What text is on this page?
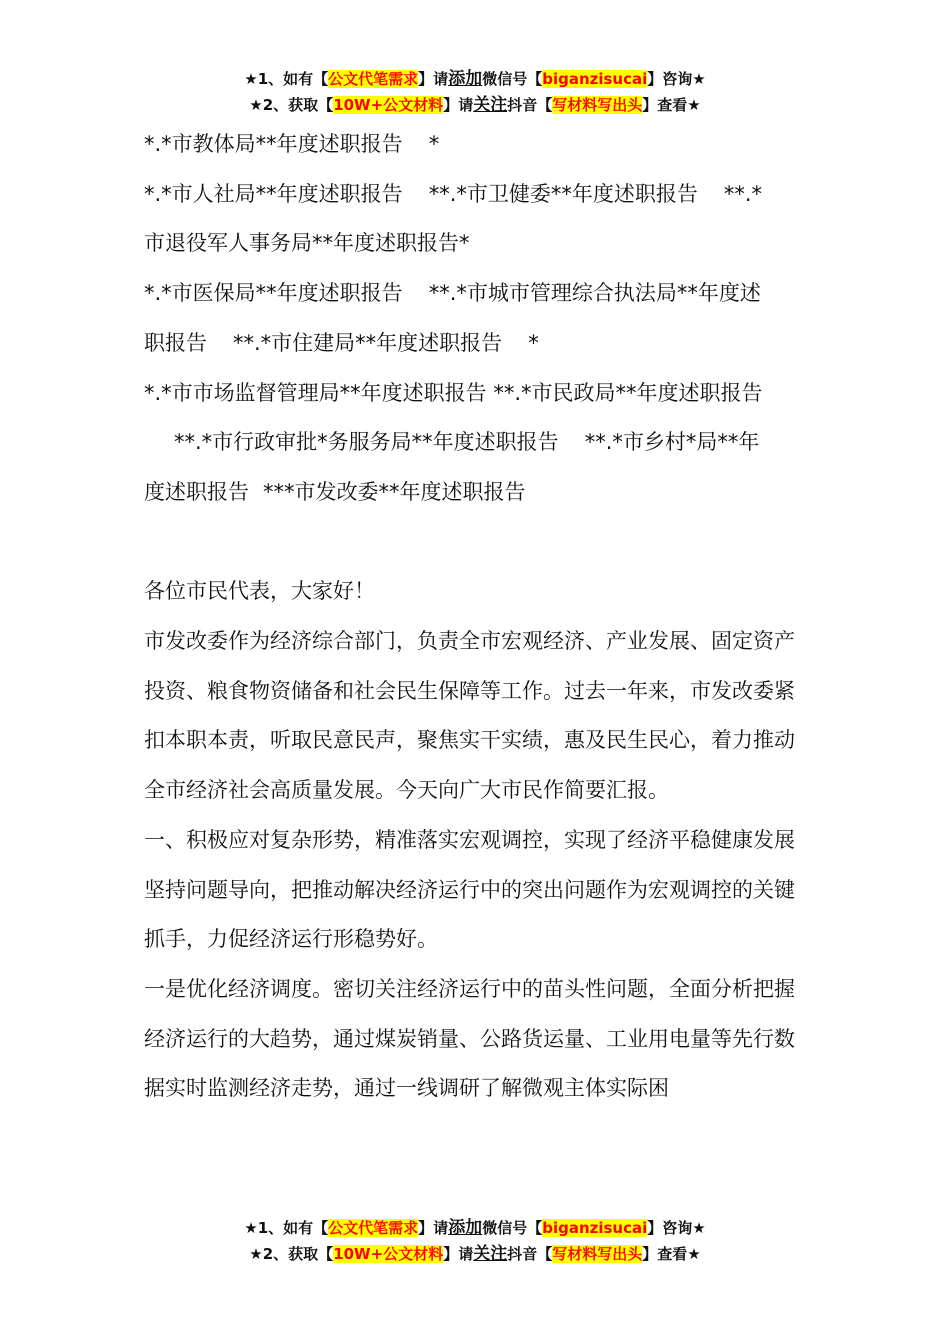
★1、如有【公文代笔需求】请添加微信号【biganzisucai】咨询★
★2、获取【10W+公文材料】请关注抖音【写材料写出头】查看★

*.*市教体局**年度述职报告 *

*.*市人社局**年度述职报告 **.*市卫健委**年度述职报告 **.*

市退役军人事务局**年度述职报告*

*.*市医保局**年度述职报告 **.*市城市管理综合执法局**年度述

职报告 **.*市住建局**年度述职报告 *

*.*市市场监督管理局**年度述职报告 **.*市民政局**年度述职报告

**.*市行政审批*务服务局**年度述职报告 **.*市乡村*局**年

度述职报告 ***市发改委**年度述职报告

各位市民代表，大家好！

市发改委作为经济综合部门，负责全市宏观经济、产业发展、固定资产投资、粮食物资储备和社会民生保障等工作。过去一年来，市发改委紧扣本职本责，听取民意民声，聚焦实干实绩，惠及民生民心，着力推动全市经济社会高质量发展。今天向广大市民作简要汇报。

一、积极应对复杂形势，精准落实宏观调控，实现了经济平稳健康发展

坚持问题导向，把推动解决经济运行中的突出问题作为宏观调控的关键抓手，力促经济运行形稳势好。

一是优化经济调度。密切关注经济运行中的苗头性问题，全面分析把握经济运行的大趋势，通过煤炭销量、公路货运量、工业用电量等先行数据实时监测经济走势，通过一线调研了解微观主体实际困

★1、如有【公文代笔需求】请添加微信号【biganzisucai】咨询★
★2、获取【10W+公文材料】请关注抖音【写材料写出头】查看★
